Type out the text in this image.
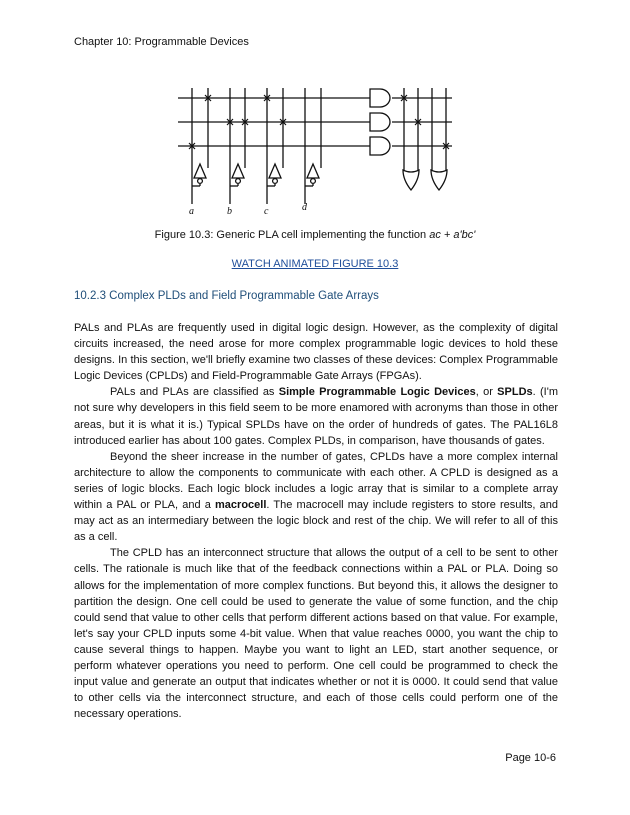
Chapter 10: Programmable Devices
a	b	c	d
Figure 10.3: Generic PLA cell implementing the function ac + a'bc'
WATCH ANIMATED FIGURE 10.3
10.2.3 Complex PLDs and Field Programmable Gate Arrays

PALs and PLAs are frequently used in digital logic design. However, as the complexity of digital circuits increased, the need arose for more complex programmable logic devices to hold these designs. In this section, we'll briefly examine two classes of these devices: Complex Programmable Logic Devices (CPLDs) and Field-Programmable Gate Arrays (FPGAs).

PALs and PLAs are classified as Simple Programmable Logic Devices, or SPLDs. (I'm not sure why developers in this field seem to be more enamored with acronyms than those in other areas, but it is what it is.) Typical SPLDs have on the order of hundreds of gates. The PAL16L8 introduced earlier has about 100 gates. Complex PLDs, in comparison, have thousands of gates.

Beyond the sheer increase in the number of gates, CPLDs have a more complex internal architecture to allow the components to communicate with each other. A CPLD is designed as a series of logic blocks. Each logic block includes a logic array that is similar to a complete array within a PAL or PLA, and a macrocell. The macrocell may include registers to store results, and may act as an intermediary between the logic block and rest of the chip. We will refer to all of this as a cell.

The CPLD has an interconnect structure that allows the output of a cell to be sent to other cells. The rationale is much like that of the feedback connections within a PAL or PLA. Doing so allows for the implementation of more complex functions. But beyond this, it allows the designer to partition the design. One cell could be used to generate the value of some function, and the chip could send that value to other cells that perform different actions based on that value. For example, let's say your CPLD inputs some 4-bit value. When that value reaches 0000, you want the chip to cause several things to happen. Maybe you want to light an LED, start another sequence, or perform whatever operations you need to perform. One cell could be programmed to check the input value and generate an output that indicates whether or not it is 0000. It could send that value to other cells via the interconnect structure, and each of those cells could perform one of the necessary operations.

Page 10-6
